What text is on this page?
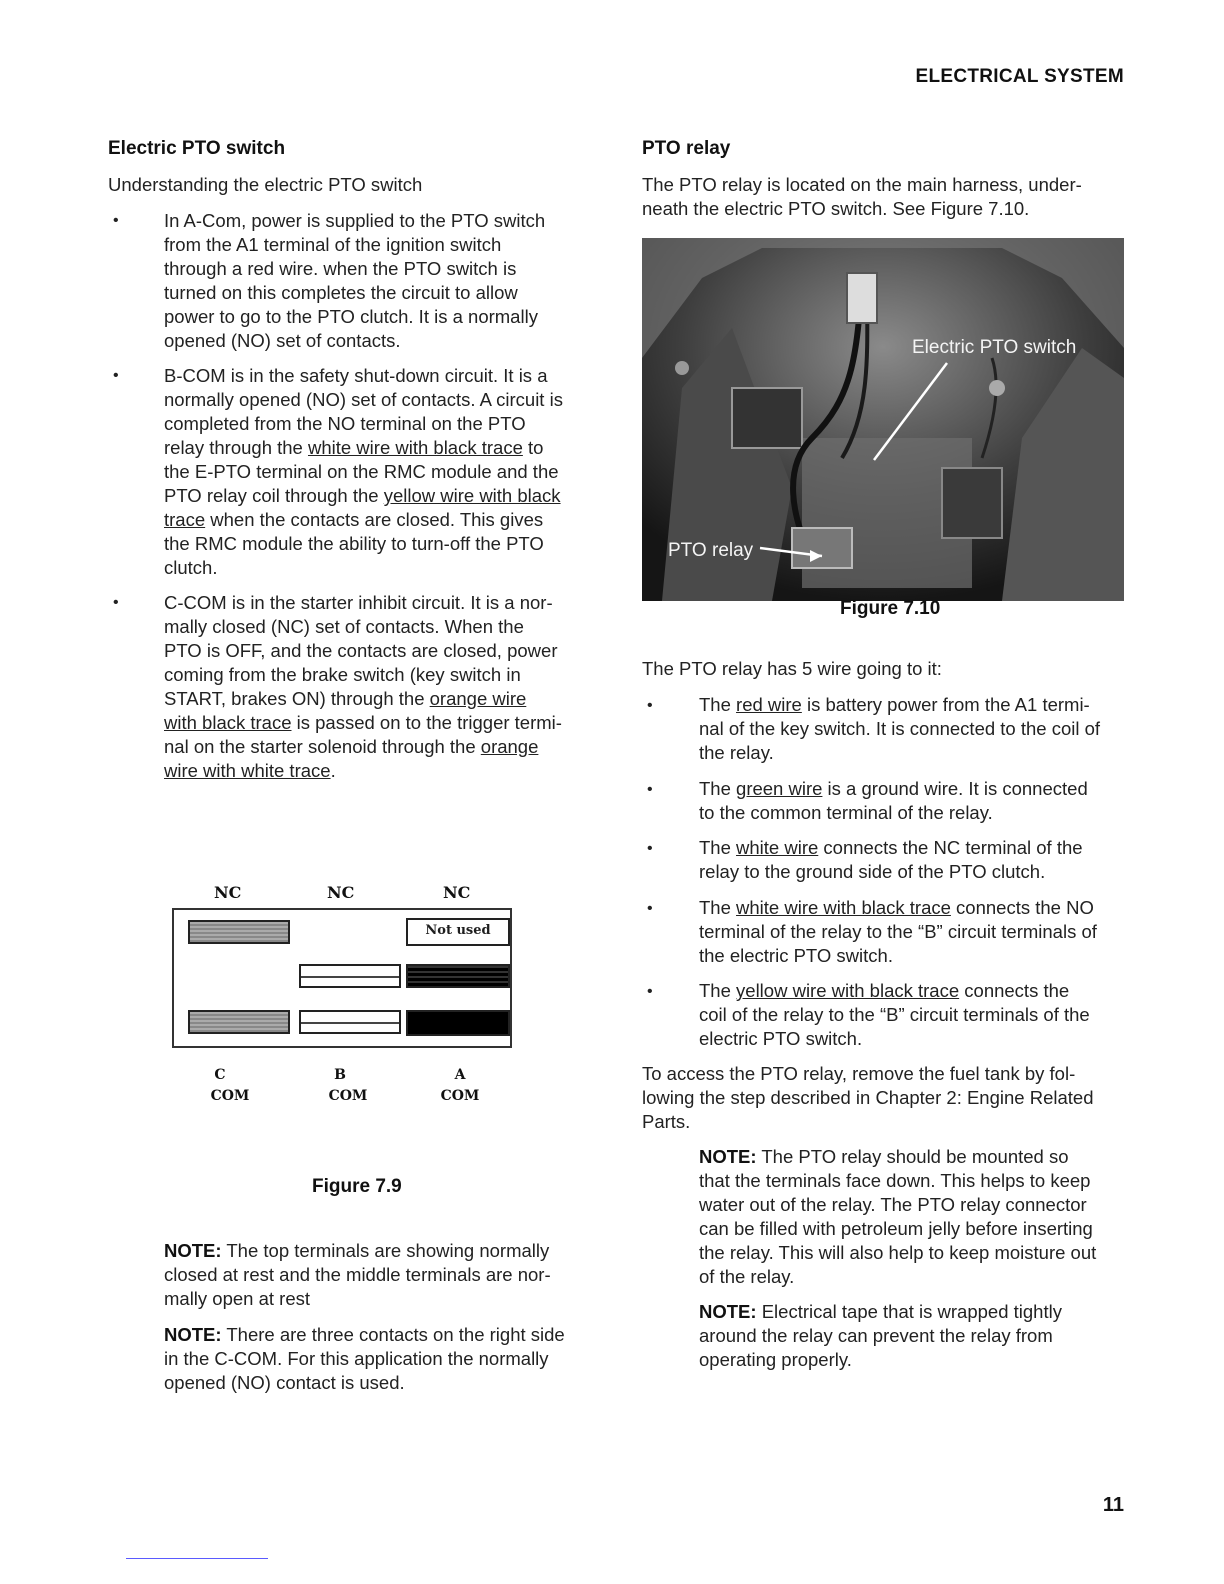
ELECTRICAL SYSTEM
Electric PTO switch
Understanding the electric PTO switch
• In A-Com, power is supplied to the PTO switch
from the A1 terminal of the ignition switch
through a red wire. when the PTO switch is
turned on this completes the circuit to allow
power to go to the PTO clutch. It is a normally
opened (NO) set of contacts.
• B-COM is in the safety shut-down circuit. It is a
normally opened (NO) set of contacts. A circuit is
completed from the NO terminal on the PTO
relay through the white wire with black trace to
the E-PTO terminal on the RMC module and the
PTO relay coil through the yellow wire with black
trace when the contacts are closed. This gives
the RMC module the ability to turn-off the PTO
clutch.
• C-COM is in the starter inhibit circuit. It is a nor-
mally closed (NC) set of contacts. When the
PTO is OFF, and the contacts are closed, power
coming from the brake switch (key switch in
START, brakes ON) through the orange wire
with black trace is passed on to the trigger termi-
nal on the starter solenoid through the orange
wire with white trace.
NC	NC	NC
Not used
C	B	A
COM	COM	COM
Figure 7.9
NOTE: The top terminals are showing normally
closed at rest and the middle terminals are nor-
mally open at rest
NOTE: There are three contacts on the right side
in the C-COM. For this application the normally
opened (NO) contact is used.
PTO relay
The PTO relay is located on the main harness, under-
neath the electric PTO switch. See Figure 7.10.
Electric PTO switch
PTO relay
Figure 7.10
The PTO relay has 5 wire going to it:
•	The red wire is battery power from the A1 termi-
nal of the key switch. It is connected to the coil of
the relay.
•	The green wire is a ground wire. It is connected
to the common terminal of the relay.
•	The white wire connects the NC terminal of the
relay to the ground side of the PTO clutch.
•	The white wire with black trace connects the NO
terminal of the relay to the “B” circuit terminals of
the electric PTO switch.
•	The yellow wire with black trace connects the
coil of the relay to the “B” circuit terminals of the
electric PTO switch.
To access the PTO relay, remove the fuel tank by fol-
lowing the step described in Chapter 2: Engine Related
Parts.
NOTE: The PTO relay should be mounted so
that the terminals face down. This helps to keep
water out of the relay. The PTO relay connector
can be filled with petroleum jelly before inserting
the relay. This will also help to keep moisture out
of the relay.
NOTE: Electrical tape that is wrapped tightly
around the relay can prevent the relay from
operating properly.
11
